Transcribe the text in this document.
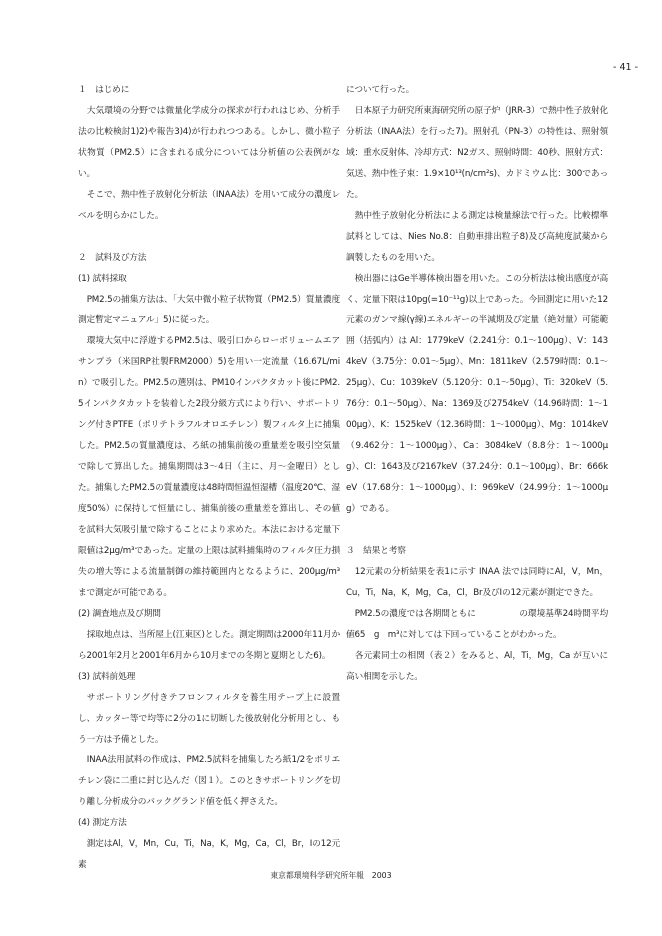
- 41 -

１　はじめに

大気環境の分野では微量化学成分の探求が行われはじめ、分析手法の比較検討1)2)や報告3)4)が行われつつある。しかし、微小粒子状物質（PM2.5）に含まれる成分については分析値の公表例がない。

そこで、熱中性子放射化分析法（INAA法）を用いて成分の濃度レベルを明らかにした。

２　試料及び方法

(1) 試料採取

PM2.5の捕集方法は、「大気中微小粒子状物質（PM2.5）質量濃度測定暫定マニュアル」5)に従った。

環境大気中に浮遊するPM2.5は、吸引口からローボリュームエアサンプラ（米国RP社製FRM2000）5)を用い一定流量（16.67L/min）で吸引した。PM2.5の選別は、PM10インパクタカット後にPM2.5インパクタカットを装着した2段分級方式により行い、サポートリング付きPTFE（ポリテトラフルオロエチレン）製フィルタ上に捕集した。PM2.5の質量濃度は、ろ紙の捕集前後の重量差を吸引空気量で除して算出した。捕集期間は3～4日（主に、月～金曜日）とした。捕集したPM2.5の質量濃度は48時間恒温恒湿槽（温度20℃、湿度50%）に保持して恒量にし、捕集前後の重量差を算出し、その値を試料大気吸引量で除することにより求めた。本法における定量下限値は2μg/m³であった。定量の上限は試料捕集時のフィルタ圧力損失の増大等による流量制御の維持範囲内となるように、200μg/m³まで測定が可能である。

(2) 調査地点及び期間

採取地点は、当所屋上(江東区)とした。測定期間は2000年11月から2001年2月と2001年6月から10月までの冬期と夏期とした6)。

(3) 試料前処理

サポートリング付きテフロンフィルタを養生用テープ上に設置し、カッター等で均等に2分の1に切断した後放射化分析用とし、もう一方は予備とした。

INAA法用試料の作成は、PM2.5試料を捕集したろ紙1/2をポリエチレン袋に二重に封じ込んだ（図１）。このときサポートリングを切り離し分析成分のバックグランド値を低く押さえた。

(4) 測定方法

測定はAl，V，Mn，Cu，Ti，Na，K，Mg，Ca，Cl，Br，Iの12元素

について行った。

日本原子力研究所東海研究所の原子炉（JRR-3）で熱中性子放射化分析法（INAA法）を行った7)。照射孔（PN-3）の特性は、照射領域：重水反射体、冷却方式：N2ガス、照射時間：40秒、照射方式：気送、熱中性子束：1.9×10¹³(n/cm²s)、カドミウム比：300であった。

熱中性子放射化分析法による測定は検量線法で行った。比較標準試料としては、Nies No.8：自動車排出粒子8)及び高純度試薬から調製したものを用いた。

検出器にはGe半導体検出器を用いた。この分析法は検出感度が高く、定量下限は10pg(=10⁻¹¹g)以上であった。今回測定に用いた12元素のガンマ線(γ線)エネルギーの半減期及び定量（絶対量）可能範囲（括弧内）は Al：1779keV（2.241分：0.1～100μg）、V：1434keV（3.75分：0.01～5μg）、Mn：1811keV（2.579時間：0.1～25μg）、Cu：1039keV（5.120分：0.1～50μg）、Ti：320keV（5.76分：0.1～50μg）、Na：1369及び2754keV（14.96時間：1～100μg）、K：1525keV（12.36時間：1～1000μg）、Mg：1014keV（9.462分：1～1000μg）、Ca：3084keV（8.8分：1～1000μg）、Cl：1643及び2167keV（37.24分：0.1～100μg）、Br：666keV（17.68分：1～1000μg）、I：969keV（24.99分：1～1000μg）である。

３　結果と考察

12元素の分析結果を表1に示す INAA 法では同時にAl，V，Mn，Cu，Ti，Na，K，Mg，Ca，Cl，Br及びIの12元素が測定できた。

PM2.5の濃度では各期間ともに　　　　　の環境基準24時間平均値65　g　m³に対しては下回っていることがわかった。

各元素同士の相関（表２）をみると、Al，Ti，Mg，Ca が互いに高い相関を示した。

東京都環境科学研究所年報　2003
